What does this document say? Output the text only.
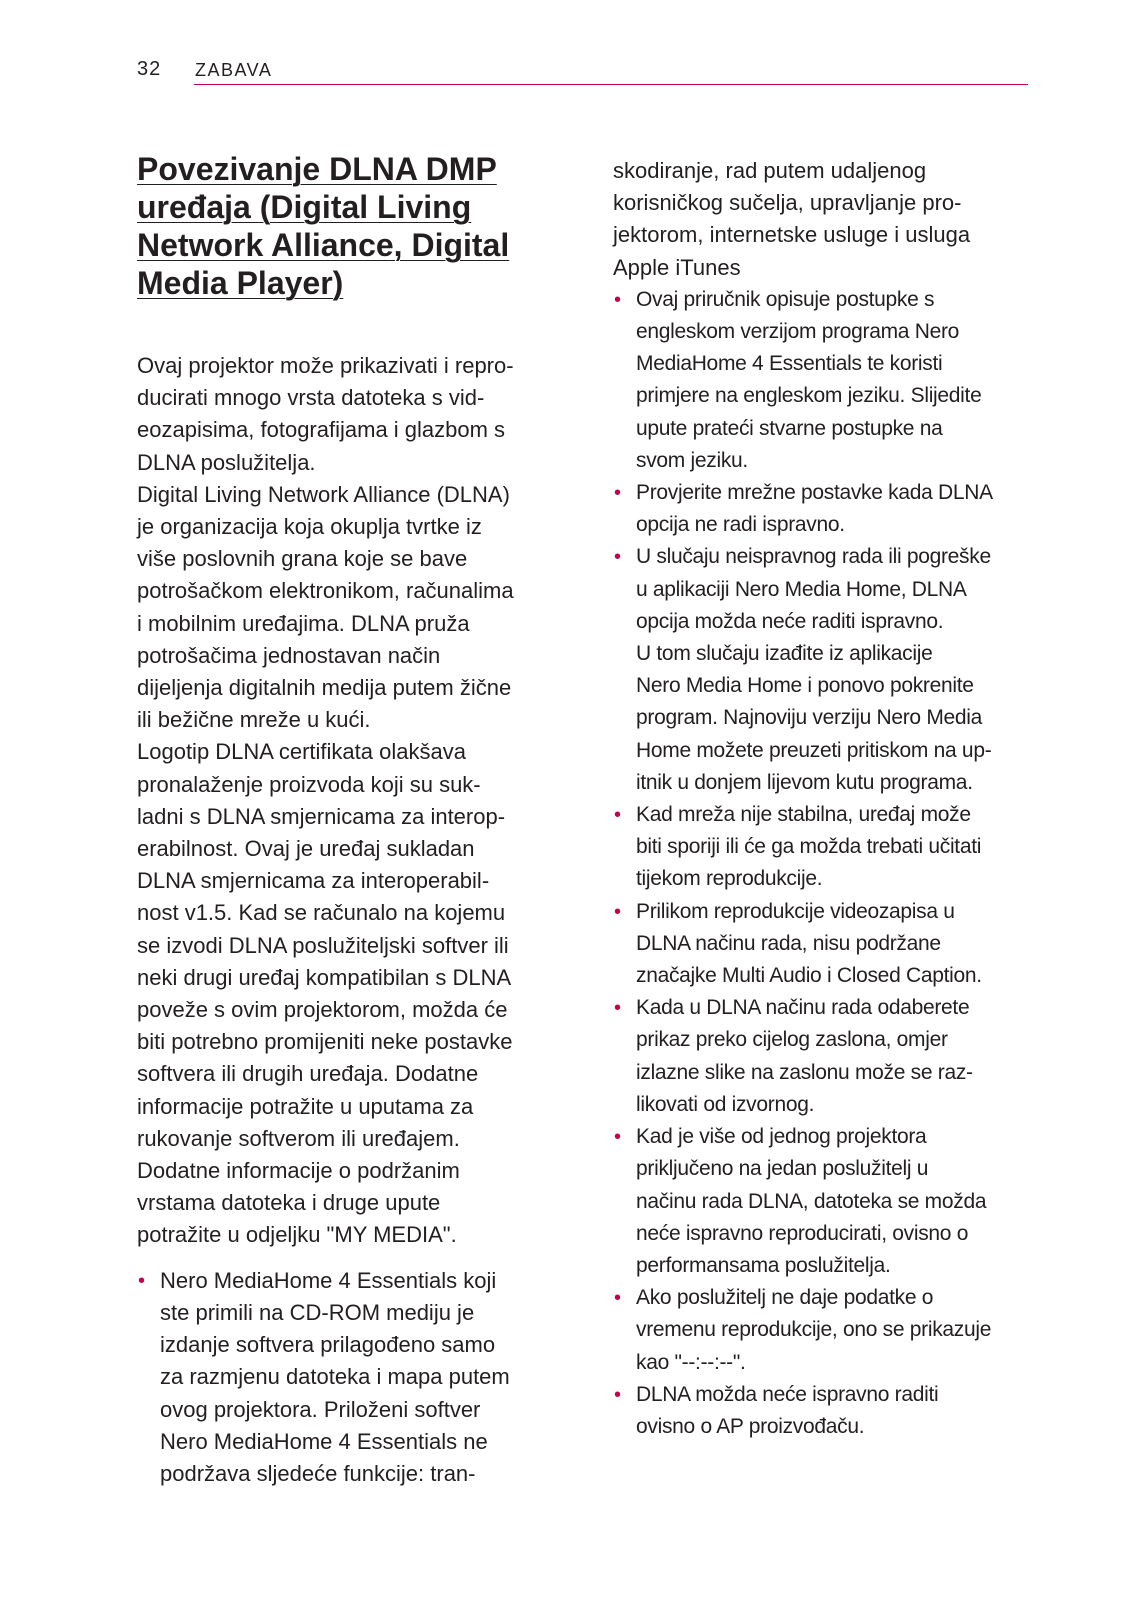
32 ZABAVA
Povezivanje DLNA DMP
uređaja (Digital Living
Network Alliance, Digital
Media Player)

Ovaj projektor može prikazivati i repro-
ducirati mnogo vrsta datoteka s vid-
eozapisima, fotografijama i glazbom s
DLNA poslužitelja.
Digital Living Network Alliance (DLNA)
je organizacija koja okuplja tvrtke iz
više poslovnih grana koje se bave
potrošačkom elektronikom, računalima
i mobilnim uređajima. DLNA pruža
potrošačima jednostavan način
dijeljenja digitalnih medija putem žične
ili bežične mreže u kući.
Logotip DLNA certifikata olakšava
pronalaženje proizvoda koji su suk-
ladni s DLNA smjernicama za interop-
erabilnost. Ovaj je uređaj sukladan
DLNA smjernicama za interoperabil-
nost v1.5. Kad se računalo na kojemu
se izvodi DLNA poslužiteljski softver ili
neki drugi uređaj kompatibilan s DLNA
poveže s ovim projektorom, možda će
biti potrebno promijeniti neke postavke
softvera ili drugih uređaja. Dodatne
informacije potražite u uputama za
rukovanje softverom ili uređajem.
Dodatne informacije o podržanim
vrstama datoteka i druge upute
potražite u odjeljku "MY MEDIA".

• Nero MediaHome 4 Essentials koji
ste primili na CD-ROM mediju je
izdanje softvera prilagođeno samo
za razmjenu datoteka i mapa putem
ovog projektora. Priloženi softver
Nero MediaHome 4 Essentials ne
podržava sljedeće funkcije: tran-

skodiranje, rad putem udaljenog
korisničkog sučelja, upravljanje pro-
jektorom, internetske usluge i usluga
Apple iTunes

• Ovaj priručnik opisuje postupke s
engleskom verzijom programa Nero
MediaHome 4 Essentials te koristi
primjere na engleskom jeziku. Slijedite
upute prateći stvarne postupke na
svom jeziku.
• Provjerite mrežne postavke kada DLNA
opcija ne radi ispravno.
• U slučaju neispravnog rada ili pogreške
u aplikaciji Nero Media Home, DLNA
opcija možda neće raditi ispravno.
U tom slučaju izađite iz aplikacije
Nero Media Home i ponovo pokrenite
program. Najnoviju verziju Nero Media
Home možete preuzeti pritiskom na up-
itnik u donjem lijevom kutu programa.
• Kad mreža nije stabilna, uređaj može
biti sporiji ili će ga možda trebati učitati
tijekom reprodukcije.
• Prilikom reprodukcije videozapisa u
DLNA načinu rada, nisu podržane
značajke Multi Audio i Closed Caption.
• Kada u DLNA načinu rada odaberete
prikaz preko cijelog zaslona, omjer
izlazne slike na zaslonu može se raz-
likovati od izvornog.
• Kad je više od jednog projektora
priključeno na jedan poslužitelj u
načinu rada DLNA, datoteka se možda
neće ispravno reproducirati, ovisno o
performansama poslužitelja.
• Ako poslužitelj ne daje podatke o
vremenu reprodukcije, ono se prikazuje
kao "--:--:--".
• DLNA možda neće ispravno raditi
ovisno o AP proizvođaču.
